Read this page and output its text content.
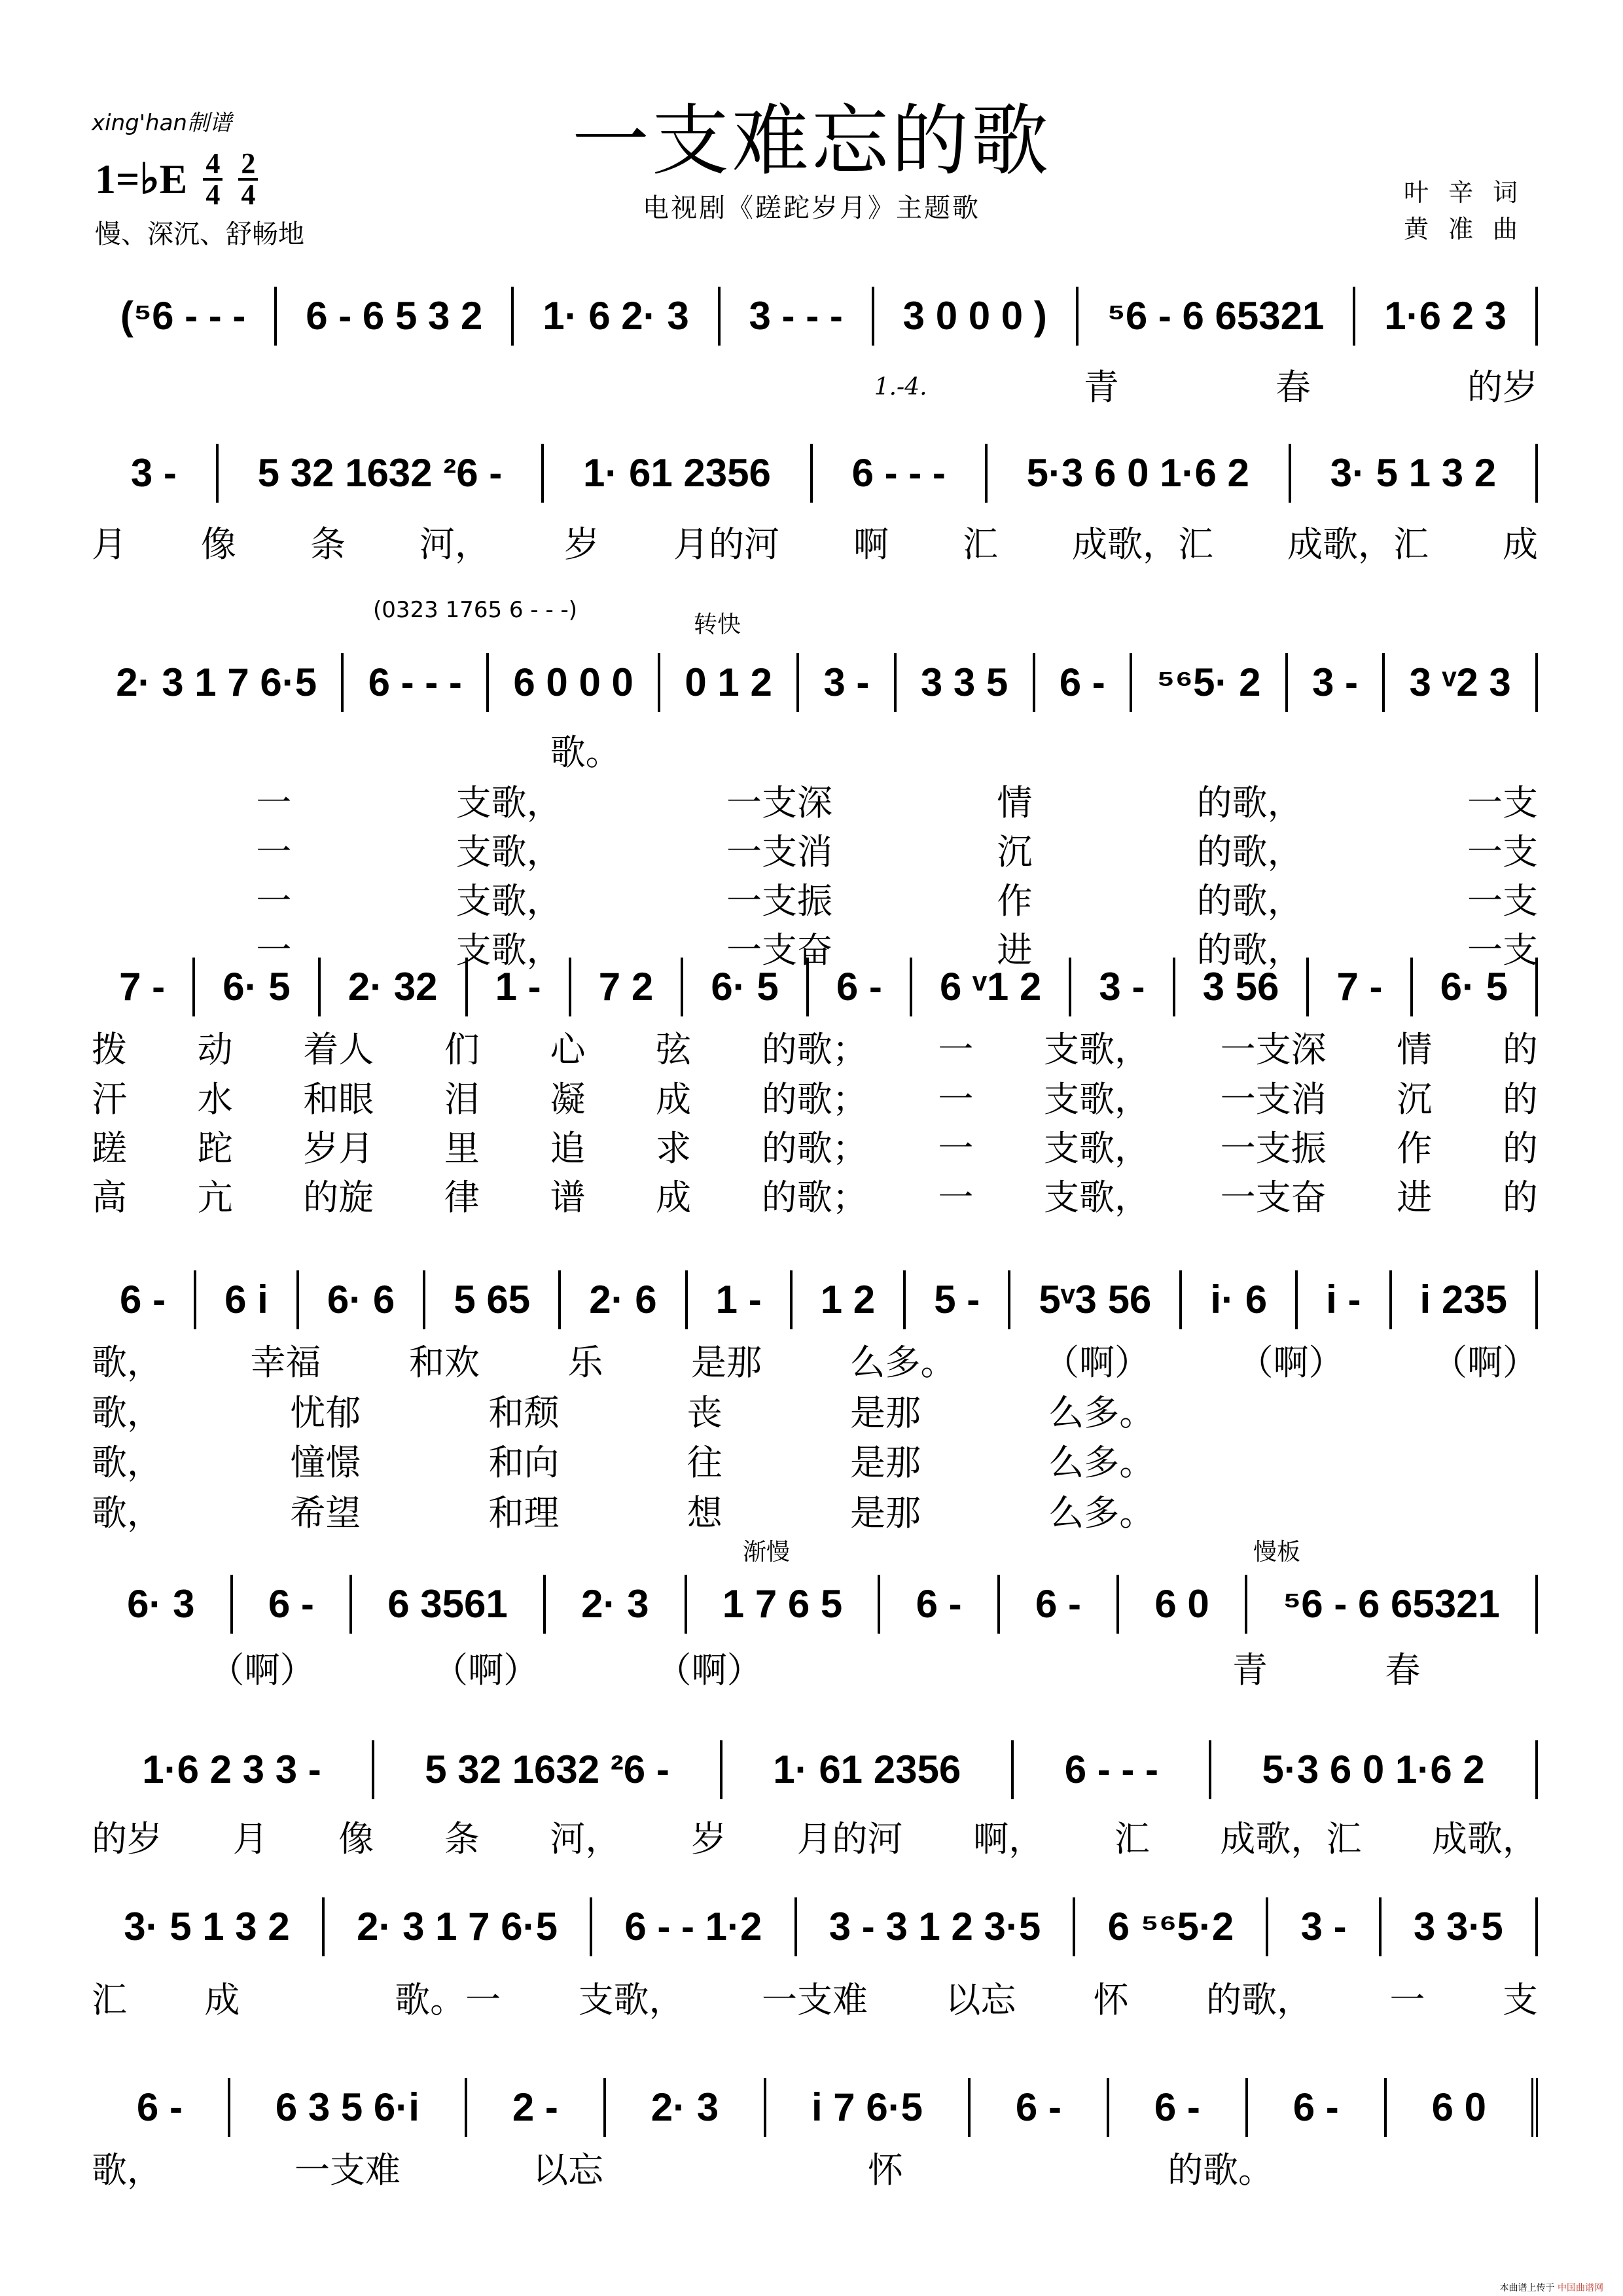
一支难忘的歌
xing'han制谱
1=♭E $\frac{4}{4} \frac{2}{4}$
慢、深沉、舒畅地
电视剧《蹉跎岁月》主题歌
叶辛词
黄准曲
(0323 1765 6 - - -)
转快
渐慢	慢板
(⁵6 - - -	6 - 6 5 3 2	1· 6 2· 3	3 - - -	3 0 0 0 )	⁵6 - 6 65321	1·6 2 3
1.-4.	青	春	的岁
3 -	5 32 1632 ²6 -	1· 61 2356	6 - - -	5·3 6 0 1·6 2	3· 5 1 3 2
月 像 条 河， 岁 月的河 啊 汇 成歌，汇 成歌，汇 成
2· 3 1 7 6·5	6 - - -	6 0 0 0	0 1 2	3 -	3 3 5	6 -	⁵⁶5· 2	3 -	3 ᵛ2 3
歌。
一	支歌，	一支深	情	的歌，	一支
一	支歌，	一支消	沉	的歌，	一支
一	支歌，	一支振	作	的歌，	一支
一	支歌，	一支奋	进	的歌，	一支
7 -	6· 5	2· 32	1 -	7 2	6· 5	6 -	6 ᵛ1 2	3 -	3 56	7 -	6· 5
拨 动 着人 们 心 弦 的歌； 一 支歌， 一支深 情 的
汗 水 和眼 泪 凝 成 的歌； 一 支歌， 一支消 沉 的
蹉 跎 岁月 里 追 求 的歌； 一 支歌， 一支振 作 的
高 亢 的旋 律 谱 成 的歌； 一 支歌， 一支奋 进 的
6 -	6 i	6· 6	5 65	2· 6	1 -	1 2	5 -	5ᵛ3 56	i· 6	i -	i 235
歌， 幸福 和欢 乐 是那 么多。 （啊） （啊） （啊）
歌，	忧郁	和颓	丧	是那	么多。
歌，	憧憬	和向	往	是那	么多。
歌，	希望	和理	想	是那	么多。
6· 3	6 -	6 3561	2· 3	1 7 6 5	6 -	6 -	6 0	⁵6 - 6 65321
（啊）	（啊）	（啊）	青	春
1·6 2 3 3 -	5 32 1632 ²6 -	1· 61 2356	6 - - -	5·3 6 0 1·6 2
的岁 月 像 条 河， 岁 月的河 啊， 汇 成歌，汇 成歌，
3· 5 1 3 2	2· 3 1 7 6·5	6 - - 1·2	3 - 3 1 2 3·5	6 ⁵⁶5·2	3 -	3 3·5
汇 成	歌。一 支歌， 一支难 以忘 怀 的歌， 一 支
6 -	6 3 5 6·i	2 -	2· 3	i 7 6·5	6 -	6 -	6 -	6 0
歌，	一支难	以忘	怀	的歌。
本曲谱上传于 中国曲谱网
